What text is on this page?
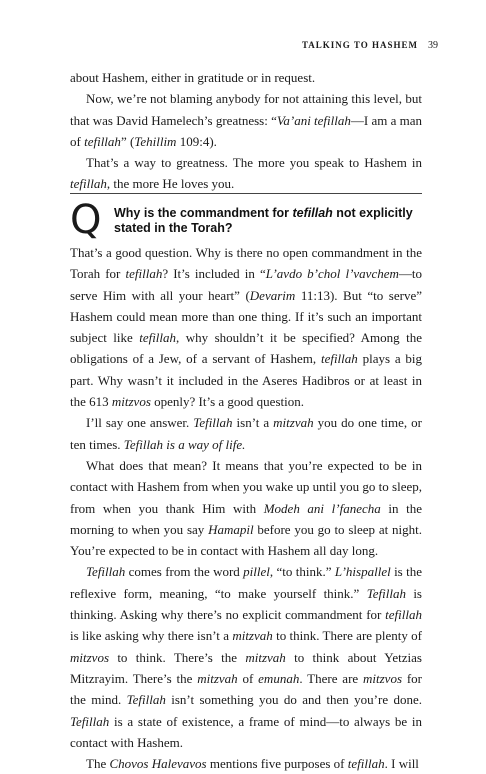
TALKING TO HASHEM 39

about Hashem, either in gratitude or in request.

Now, we’re not blaming anybody for not attaining this level, but that was David Hamelech’s greatness: “Va’ani tefillah—I am a man of tefillah” (Tehillim 109:4).

That’s a way to greatness. The more you speak to Hashem in tefillah, the more He loves you.

Q Why is the commandment for tefillah not explicitly stated in the Torah?

That’s a good question. Why is there no open commandment in the Torah for tefillah? It’s included in “L’avdo b’chol l’vavchem—to serve Him with all your heart” (Devarim 11:13). But “to serve” Hashem could mean more than one thing. If it’s such an important subject like tefillah, why shouldn’t it be specified? Among the obligations of a Jew, of a servant of Hashem, tefillah plays a big part. Why wasn’t it included in the Aseres Hadibros or at least in the 613 mitzvos openly? It’s a good question.

I’ll say one answer. Tefillah isn’t a mitzvah you do one time, or ten times. Tefillah is a way of life.

What does that mean? It means that you’re expected to be in contact with Hashem from when you wake up until you go to sleep, from when you thank Him with Modeh ani l’fanecha in the morning to when you say Hamapil before you go to sleep at night. You’re expected to be in contact with Hashem all day long.

Tefillah comes from the word pillel, “to think.” L’hispallel is the reflexive form, meaning, “to make yourself think.” Tefillah is thinking. Asking why there’s no explicit commandment for tefillah is like asking why there isn’t a mitzvah to think. There are plenty of mitzvos to think. There’s the mitzvah to think about Yetzias Mitzrayim. There’s the mitzvah of emunah. There are mitzvos for the mind. Tefillah isn’t something you do and then you’re done. Tefillah is a state of existence, a frame of mind—to always be in contact with Hashem.

The Chovos Halevavos mentions five purposes of tefillah. I will
